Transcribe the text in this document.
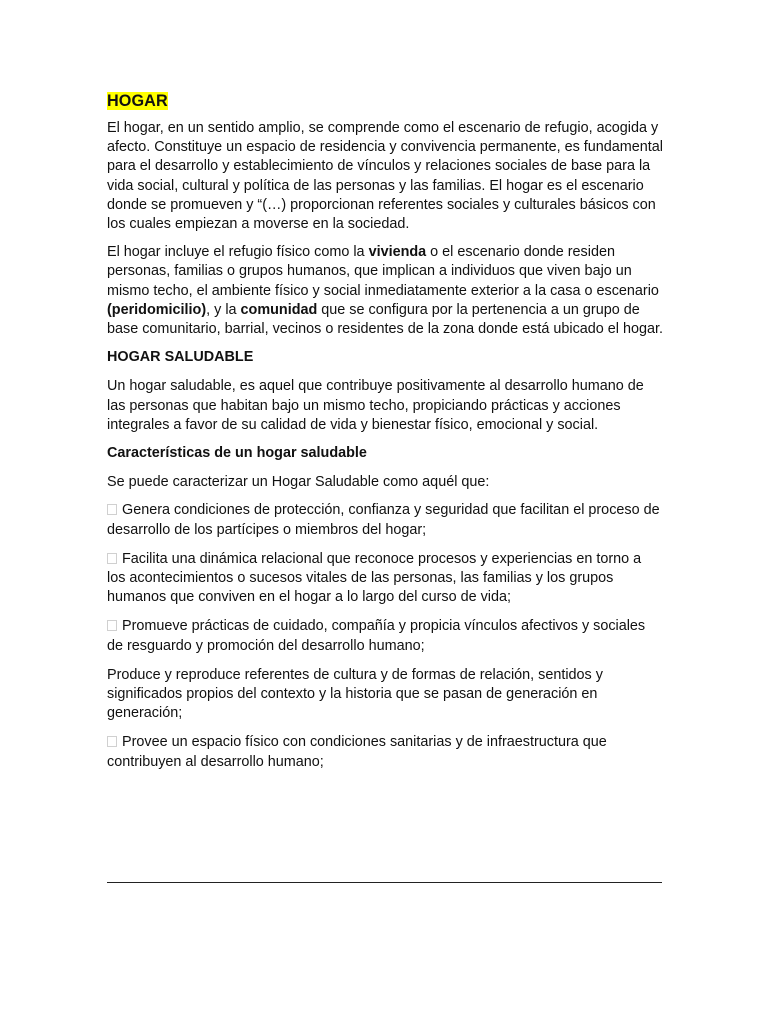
HOGAR

El hogar, en un sentido amplio, se comprende como el escenario de refugio, acogida y afecto. Constituye un espacio de residencia y convivencia permanente, es fundamental para el desarrollo y establecimiento de vínculos y relaciones sociales de base para la vida social, cultural y política de las personas y las familias. El hogar es el escenario donde se promueven y “(…) proporcionan referentes sociales y culturales básicos con los cuales empiezan a moverse en la sociedad.

El hogar incluye el refugio físico como la vivienda o el escenario donde residen personas, familias o grupos humanos, que implican a individuos que viven bajo un mismo techo, el ambiente físico y social inmediatamente exterior a la casa o escenario (peridomicilio), y la comunidad que se configura por la pertenencia a un grupo de base comunitario, barrial, vecinos o residentes de la zona donde está ubicado el hogar.

HOGAR SALUDABLE

Un hogar saludable, es aquel que contribuye positivamente al desarrollo humano de las personas que habitan bajo un mismo techo, propiciando prácticas y acciones integrales a favor de su calidad de vida y bienestar físico, emocional y social.

Características de un hogar saludable

Se puede caracterizar un Hogar Saludable como aquél que:

Genera condiciones de protección, confianza y seguridad que facilitan el proceso de desarrollo de los partícipes o miembros del hogar;

Facilita una dinámica relacional que reconoce procesos y experiencias en torno a los acontecimientos o sucesos vitales de las personas, las familias y los grupos humanos que conviven en el hogar a lo largo del curso de vida;

Promueve prácticas de cuidado, compañía y propicia vínculos afectivos y sociales de resguardo y promoción del desarrollo humano;

Produce y reproduce referentes de cultura y de formas de relación, sentidos y significados propios del contexto y la historia que se pasan de generación en generación;

Provee un espacio físico con condiciones sanitarias y de infraestructura que contribuyen al desarrollo humano;
